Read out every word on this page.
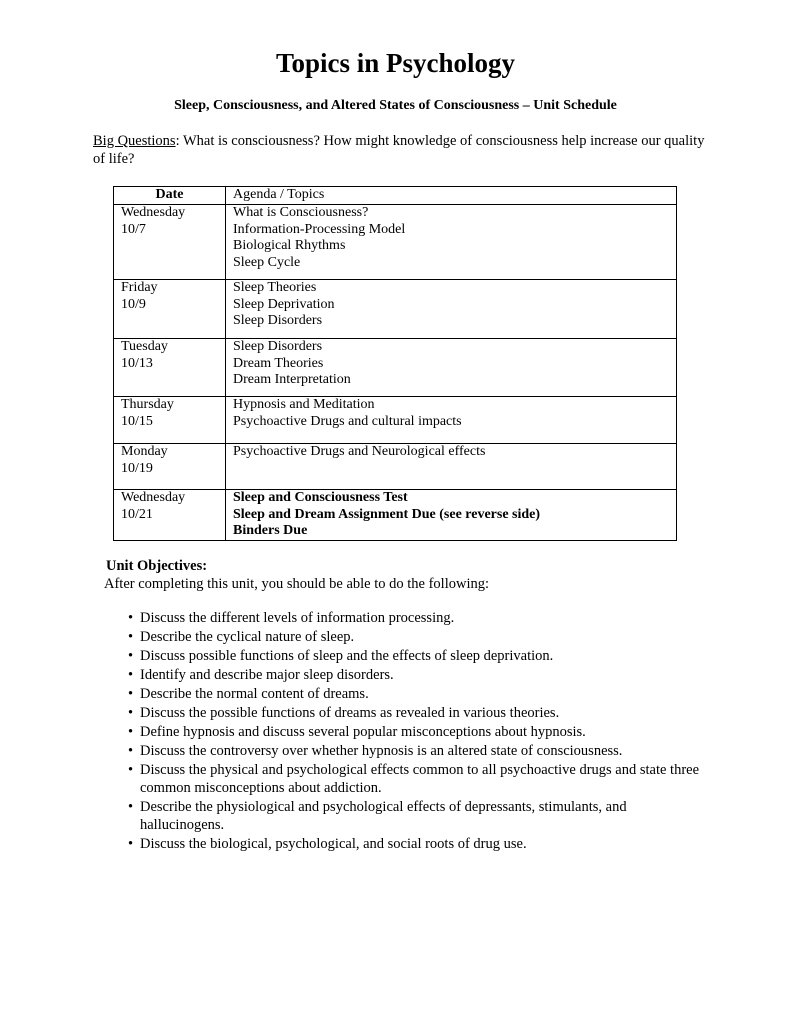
Topics in Psychology
Sleep, Consciousness, and Altered States of Consciousness – Unit Schedule
Big Questions: What is consciousness? How might knowledge of consciousness help increase our quality of life?
Date	Agenda / Topics

Wednesday
10/7	What is Consciousness?
Information-Processing Model
Biological Rhythms
Sleep Cycle

Friday
10/9	Sleep Theories
Sleep Deprivation
Sleep Disorders

Tuesday
10/13	Sleep Disorders
Dream Theories
Dream Interpretation

Thursday
10/15	Hypnosis and Meditation
Psychoactive Drugs and cultural impacts

Monday
10/19	Psychoactive Drugs and Neurological effects

Wednesday
10/21	Sleep and Consciousness Test
Sleep and Dream Assignment Due (see reverse side)
Binders Due
Unit Objectives:
After completing this unit, you should be able to do the following:
• Discuss the different levels of information processing.
• Describe the cyclical nature of sleep.
• Discuss possible functions of sleep and the effects of sleep deprivation.
• Identify and describe major sleep disorders.
• Describe the normal content of dreams.
• Discuss the possible functions of dreams as revealed in various theories.
• Define hypnosis and discuss several popular misconceptions about hypnosis.
• Discuss the controversy over whether hypnosis is an altered state of consciousness.
• Discuss the physical and psychological effects common to all psychoactive drugs and state three
common misconceptions about addiction.
• Describe the physiological and psychological effects of depressants, stimulants, and
hallucinogens.
• Discuss the biological, psychological, and social roots of drug use.
